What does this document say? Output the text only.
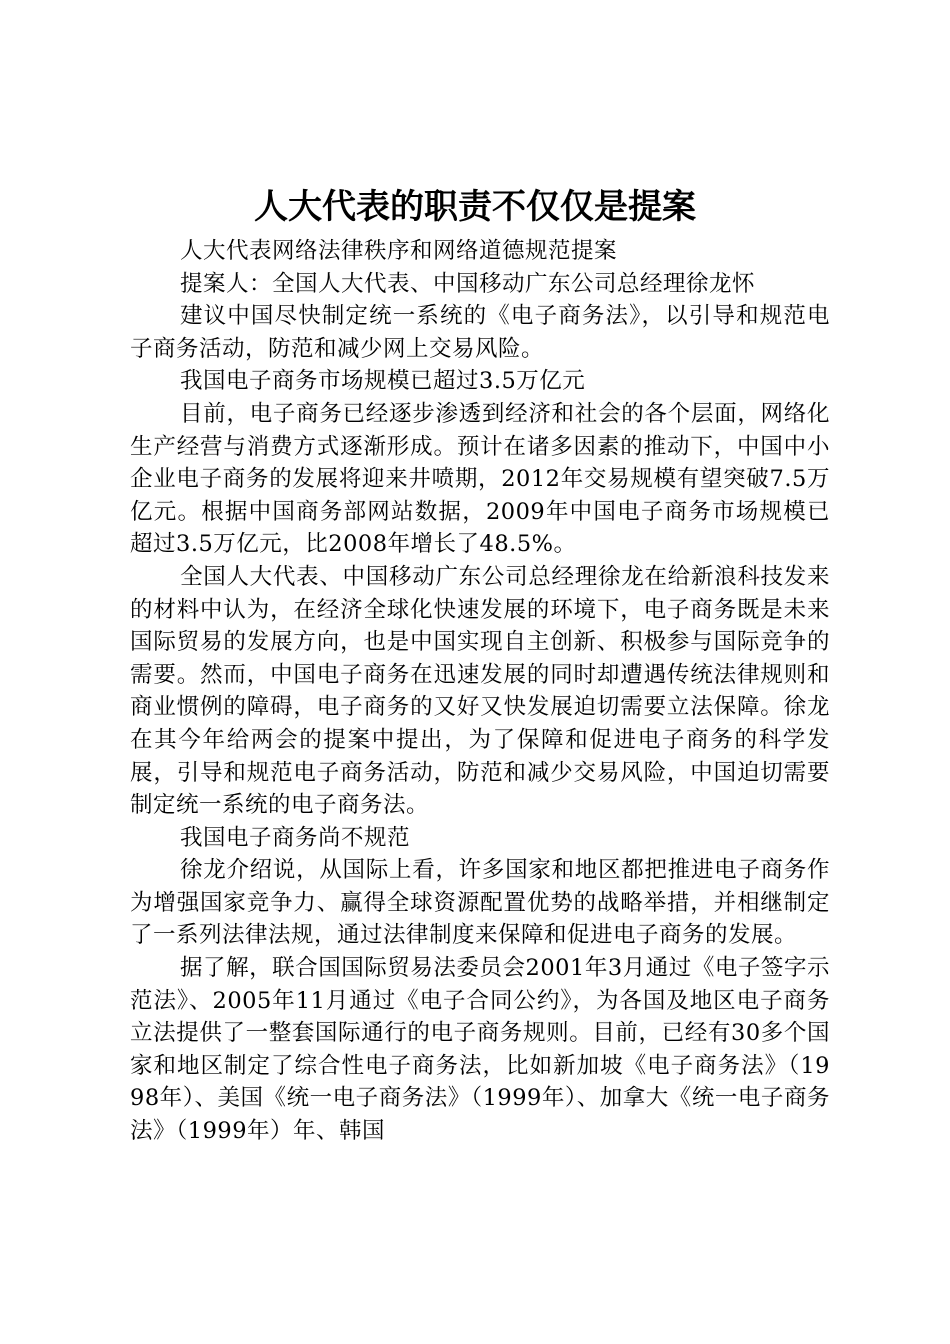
人大代表的职责不仅仅是提案

人大代表网络法律秩序和网络道德规范提案

提案人：全国人大代表、中国移动广东公司总经理徐龙怀

建议中国尽快制定统一系统的《电子商务法》，以引导和规范电子商务活动，防范和减少网上交易风险。

我国电子商务市场规模已超过3.5万亿元

目前，电子商务已经逐步渗透到经济和社会的各个层面，网络化生产经营与消费方式逐渐形成。预计在诸多因素的推动下，中国中小企业电子商务的发展将迎来井喷期，2012年交易规模有望突破7.5万亿元。根据中国商务部网站数据，2009年中国电子商务市场规模已超过3.5万亿元，比2008年增长了48.5%。

全国人大代表、中国移动广东公司总经理徐龙在给新浪科技发来的材料中认为，在经济全球化快速发展的环境下，电子商务既是未来国际贸易的发展方向，也是中国实现自主创新、积极参与国际竞争的需要。然而，中国电子商务在迅速发展的同时却遭遇传统法律规则和商业惯例的障碍，电子商务的又好又快发展迫切需要立法保障。徐龙在其今年给两会的提案中提出，为了保障和促进电子商务的科学发展，引导和规范电子商务活动，防范和减少交易风险，中国迫切需要制定统一系统的电子商务法。

我国电子商务尚不规范

徐龙介绍说，从国际上看，许多国家和地区都把推进电子商务作为增强国家竞争力、赢得全球资源配置优势的战略举措，并相继制定了一系列法律法规，通过法律制度来保障和促进电子商务的发展。

据了解，联合国国际贸易法委员会2001年3月通过《电子签字示范法》、2005年11月通过《电子合同公约》，为各国及地区电子商务立法提供了一整套国际通行的电子商务规则。目前，已经有30多个国家和地区制定了综合性电子商务法，比如新加坡《电子商务法》（1998年）、美国《统一电子商务法》（1999年）、加拿大《统一电子商务法》（1999年）年、韩国
